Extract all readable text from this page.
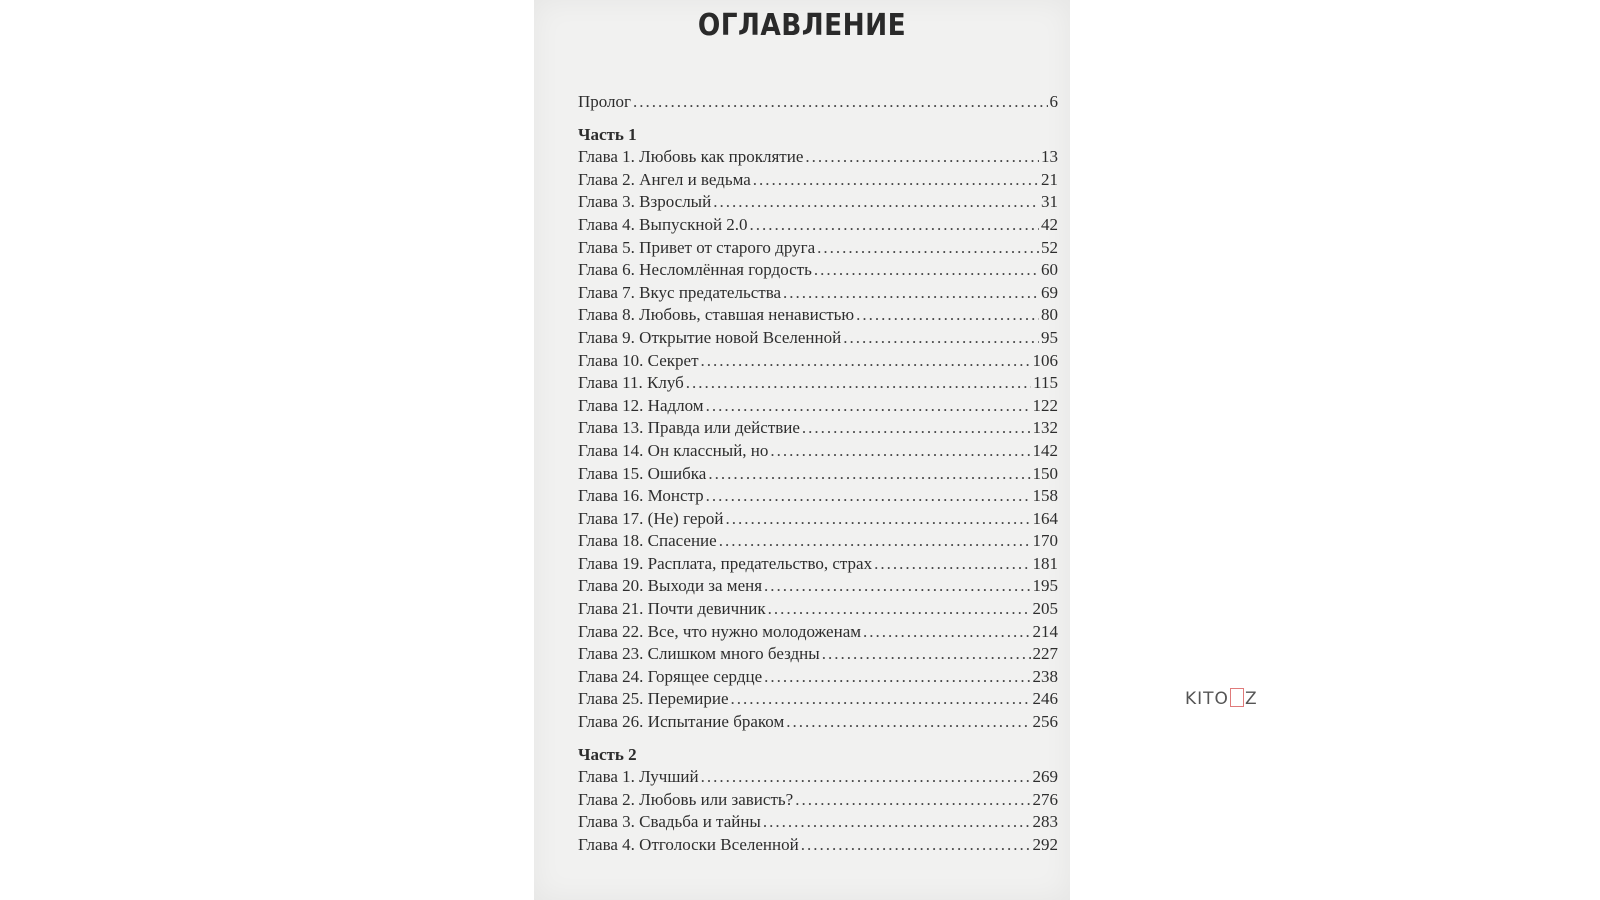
ОГЛАВЛЕНИЕ
Пролог .....	6
Часть 1
Глава 1. Любовь как проклятие .....	13
Глава 2. Ангел и ведьма .....	21
Глава 3. Взрослый .....	31
Глава 4. Выпускной 2.0 .....	42
Глава 5. Привет от старого друга .....	52
Глава 6. Несломлённая гордость .....	60
Глава 7. Вкус предательства .....	69
Глава 8. Любовь, ставшая ненавистью .....	80
Глава 9. Открытие новой Вселенной .....	95
Глава 10. Секрет .....	106
Глава 11. Клуб .....	115
Глава 12. Надлом .....	122
Глава 13. Правда или действие .....	132
Глава 14. Он классный, но .....	142
Глава 15. Ошибка .....	150
Глава 16. Монстр .....	158
Глава 17. (Не) герой .....	164
Глава 18. Спасение .....	170
Глава 19. Расплата, предательство, страх .....	181
Глава 20. Выходи за меня .....	195
Глава 21. Почти девичник .....	205
Глава 22. Все, что нужно молодоженам .....	214
Глава 23. Слишком много бездны .....	227
Глава 24. Горящее сердце .....	238
Глава 25. Перемирие .....	246
Глава 26. Испытание браком .....	256
Часть 2
Глава 1. Лучший .....	269
Глава 2. Любовь или зависть? .....	276
Глава 3. Свадьба и тайны .....	283
Глава 4. Отголоски Вселенной .....	292
KITO Z
